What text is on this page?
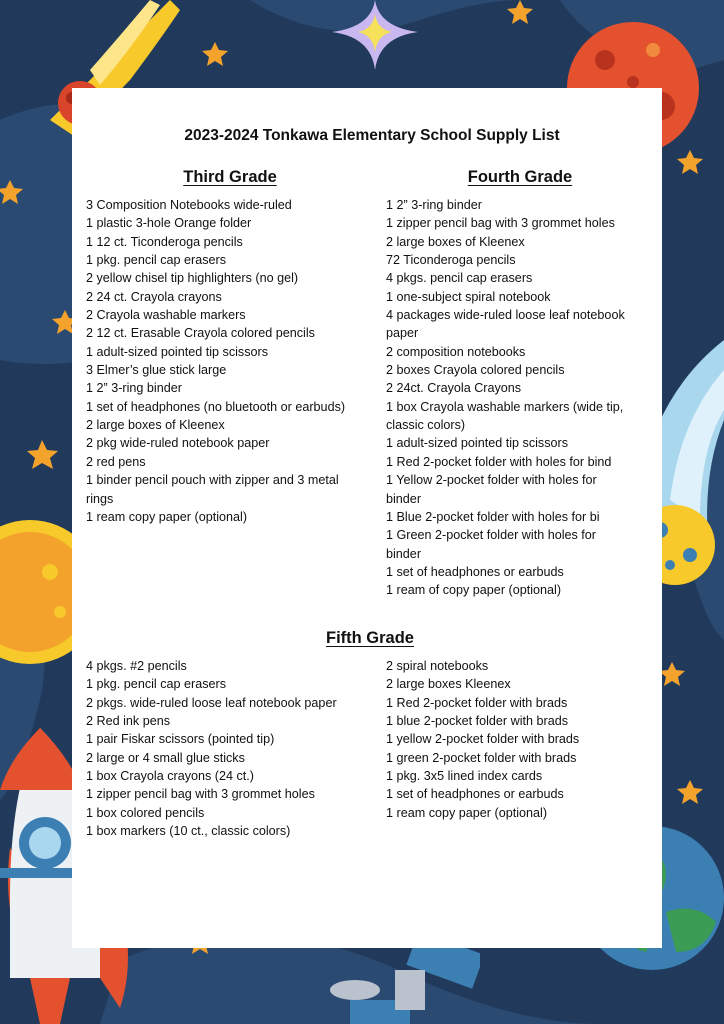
2023-2024 Tonkawa Elementary School Supply List
Third Grade	Fourth Grade
Fifth Grade
3 Composition Notebooks wide-ruled
1 plastic 3-hole Orange folder
1 12 ct. Ticonderoga pencils
1 pkg. pencil cap erasers
2 yellow chisel tip highlighters (no gel)
2 24 ct. Crayola crayons
2 Crayola washable markers
2 12 ct. Erasable Crayola colored pencils
1 adult-sized pointed tip scissors
3 Elmer’s glue stick large
1 2” 3-ring binder
1 set of headphones (no bluetooth or earbuds)
2 large boxes of Kleenex
2 pkg wide-ruled notebook paper
2 red pens
1 binder pencil pouch with zipper and 3 metal
rings
1 ream copy paper (optional)
1 2” 3-ring binder
1 zipper pencil bag with 3 grommet holes
2 large boxes of Kleenex
72 Ticonderoga pencils
4 pkgs. pencil cap erasers
1 one-subject spiral notebook
4 packages wide-ruled loose leaf notebook
paper
2 composition notebooks
2 boxes Crayola colored pencils
2 24ct. Crayola Crayons
1 box Crayola washable markers (wide tip,
classic colors)
1 adult-sized pointed tip scissors
1 Red 2-pocket folder with holes for bind
1 Yellow 2-pocket folder with holes for
binder
1 Blue 2-pocket folder with holes for bi
1 Green 2-pocket folder with holes for
binder
1 set of headphones or earbuds
1 ream of copy paper (optional)
4 pkgs. #2 pencils
1 pkg. pencil cap erasers
2 pkgs. wide-ruled loose leaf notebook paper
2 Red ink pens
1 pair Fiskar scissors (pointed tip)
2 large or 4 small glue sticks
1 box Crayola crayons (24 ct.)
1 zipper pencil bag with 3 grommet holes
1 box colored pencils
1 box markers (10 ct., classic colors)
2 spiral notebooks
2 large boxes Kleenex
1 Red 2-pocket folder with brads
1 blue 2-pocket folder with brads
1 yellow 2-pocket folder with brads
1 green 2-pocket folder with brads
1 pkg. 3x5 lined index cards
1 set of headphones or earbuds
1 ream copy paper (optional)
